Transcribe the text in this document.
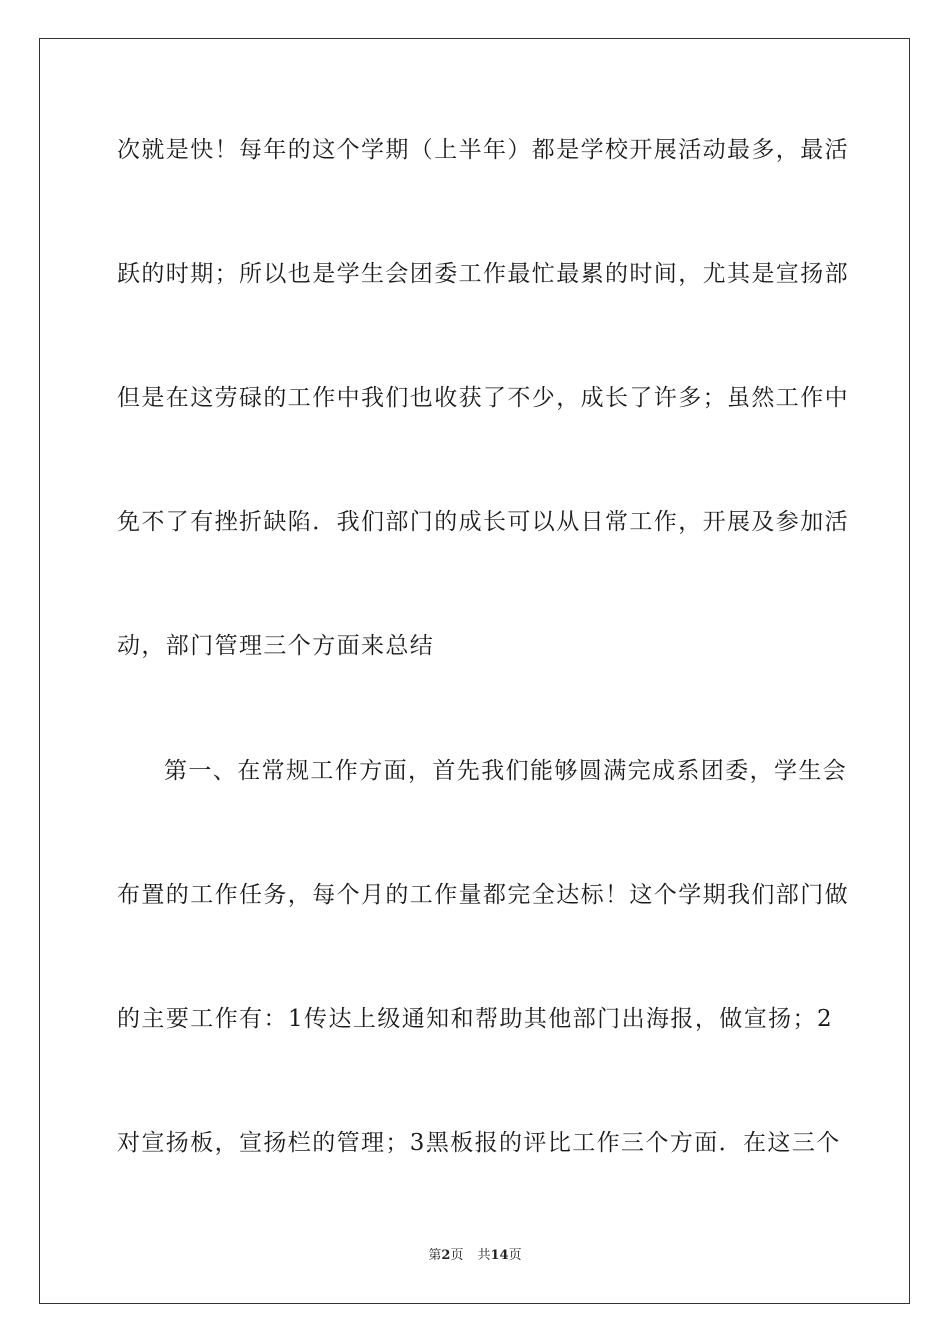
次就是快！每年的这个学期（上半年）都是学校开展活动最多，最活
跃的时期；所以也是学生会团委工作最忙最累的时间，尤其是宣扬部
但是在这劳碌的工作中我们也收获了不少，成长了许多；虽然工作中
免不了有挫折缺陷．我们部门的成长可以从日常工作，开展及参加活
动，部门管理三个方面来总结
第一、在常规工作方面，首先我们能够圆满完成系团委，学生会
布置的工作任务，每个月的工作量都完全达标！这个学期我们部门做
的主要工作有：1传达上级通知和帮助其他部门出海报，做宣扬；2
对宣扬板，宣扬栏的管理；3黑板报的评比工作三个方面．在这三个
第2页 共14页
